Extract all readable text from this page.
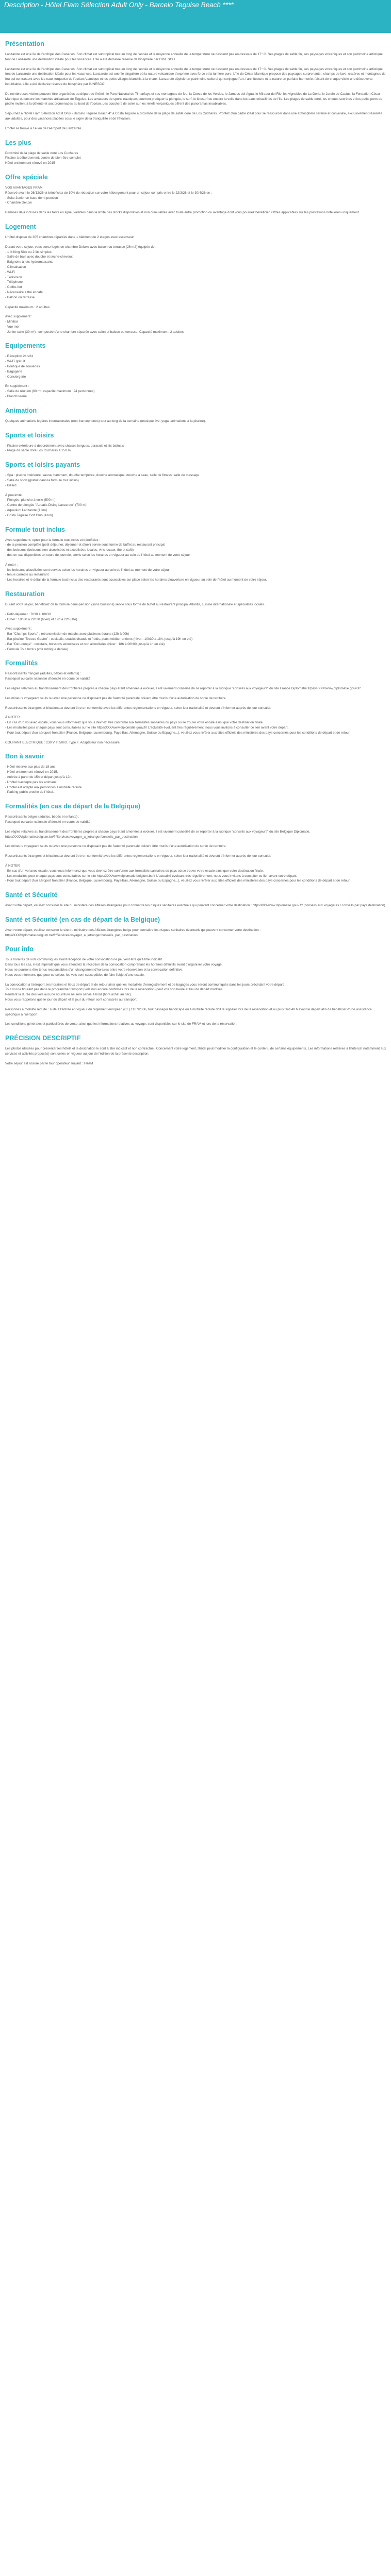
Description - Hôtel Fiam Sélection Adult Only - Barcelo Teguise Beach ****
Présentation

Lanzarote est une île de l'archipel des Canaries. Son climat est subtropical tout au long de l'année et la moyenne annuelle de la température ne descend pas en-dessous de 17° C. Ses plages de sable fin, ses paysages volcaniques et son patrimoine artistique font de Lanzarote une destination idéale pour les vacances. L'île a été déclarée réserve de biosphère par l'UNESCO.

Lanzarote est une île de l'archipel des Canaries. Son climat est subtropical tout au long de l'année et la moyenne annuelle de la température ne descend pas en-dessous de 17° C. Ses plages de sable fin, ses paysages volcaniques et son patrimoine artistique font de Lanzarote une destination idéale pour les vacances. Lanzarote est une île singulière où la nature volcanique s'exprime avec force et la lumière pure. L'île de César Manrique propose des paysages surprenants : champs de lave, cratères et montagnes de feu qui contrastent avec les eaux turquoise de l'océan Atlantique et les petits villages blanchis à la chaux. Lanzarote déploie un patrimoine culturel qui conjugue l'art, l'architecture et la nature en parfaite harmonie, faisant de chaque visite une découverte inoubliable. L'île a été déclarée réserve de biosphère par l'UNESCO.

De nombreuses visites peuvent être organisées au départ de l'hôtel : le Parc National de Timanfaya et ses montagnes de feu, la Cueva de los Verdes, le Jameos del Agua, le Mirador del Rio, les vignobles de La Geria, le Jardin de Cactus, la Fondation César Manrique ou encore les marchés artisanaux de Teguise. Les amateurs de sports nautiques pourront pratiquer la plongée, le surf, le kitesurf ou encore la voile dans les eaux cristallines de l'île. Les plages de sable doré, les criques secrètes et les petits ports de pêche invitent à la détente et aux promenades au bord de l'océan. Les couchers de soleil sur les reliefs volcaniques offrent des panoramas inoubliables.

Séjournez à l'hôtel Fiam Sélection Adult Only - Barcelo Teguise Beach 4* à Costa Teguise à proximité de la plage de sable doré de Los Cucharas. Profitez d'un cadre idéal pour se ressourcer dans une atmosphère sereine et conviviale, exclusivement réservée aux adultes, pour des vacances placées sous le signe de la tranquillité et de l'évasion.

L'hôtel se trouve à 14 km de l'aéroport de Lanzarote.

Les plus

Proximité de la plage de sable doré Los Cucharas
Piscine à débordement, centre de bien-être complet
Hôtel entièrement rénové en 2015

Offre spéciale

VOS AVANTAGES FRAM
Réservé avant le 26/12/26 et bénéficiez de 10% de réduction sur votre hébergement pour un séjour compris entre le 22/3/26 et le 30/4/26 en :
- Suite Junior en base demi-pension
- Chambre Deluxe

Remises déjà incluses dans les tarifs en ligne, valables dans la limite des stocks disponibles et non cumulables avec toute autre promotion ou avantage dont vous pourriez bénéficier. Offres applicables sur les prestations hôtelières uniquement.

Logement

L'hôtel dispose de 305 chambres réparties dans 1 bâtiment de 2 étages avec ascenseur.

Durant votre séjour, vous serez logés en chambre Deluxe avec balcon ou terrasse (26 m2) équipée de :
- 1 lit King Size ou 2 lits simples
- Salle de bain avec douche et sèche-cheveux
- Baignoire à jets hydromassants
- Climatisation
- Wi-Fi
- Télévision
- Téléphone
- Coffre-fort
- Nécessaire à thé et café
- Balcon ou terrasse

Capacité maximum : 2 adultes.

Avec supplément :
- Minibar
- Vue mer
- Junior suite (39 m²) : composée d'une chambre séparée avec salon et balcon ou terrasse. Capacité maximum : 2 adultes.

Equipements

- Réception 24h/24
- Wi-Fi gratuit
- Boutique de souvenirs
- Bagagerie
- Conciergerie

En supplément :
- Salle de réunion (60 m², capacité maximum : 24 personnes)
- Blanchisserie

Animation

Quelques animations légères internationales (non francophones) tout au long de la semaine (musique live, yoga, animations à la piscine).

Sports et loisirs

- Piscine extérieure à débordement avec chaises longues, parasols et lits balinais
- Plage de sable doré Los Cucharas à 150 m

Sports et loisirs payants

- Spa : piscine intérieure, sauna, hammam, douche tempérée, douche aromatique, douche à seau, salle de fitness, salle de massage
- Salle de sport (gratuit dans la formule tout inclus)
- Billard

À proximité :
- Plongée, planche à voile (500 m)
- Centre de plongée "Aquatis Diving Lanzarote" (700 m)
- Aquarium Lanzarote (1 km)
- Costa Teguise Golf Club (4 km)

Formule tout inclus

Avec supplément, optez pour la formule tout inclus et bénéficiez :
- de la pension complète (petit-déjeuner, déjeuner et dîner) servie sous forme de buffet au restaurant principal
- des boissons (boissons non alcoolisées et alcoolisées locales, vins locaux, thé et café)
- des en-cas disponibles en cours de journée, servis selon les horaires en vigueur au sein de l'hôtel au moment de votre séjour

À noter :
- les boissons alcoolisées sont servies selon les horaires en vigueur au sein de l'hôtel au moment de votre séjour
- tenue correcte au restaurant
- Les horaires et le détail de la formule tout inclus des restaurants sont accessibles sur place selon les horaires d'ouverture en vigueur au sein de l'hôtel au moment de votre séjour.

Restauration

Durant votre séjour, bénéficiez de la formule demi-pension (sans boissons) servie sous forme de buffet au restaurant principal Atlantis, cuisine internationale et spécialités locales.

- Petit-déjeuner : 7h30 à 10h30
- Dîner : 18h30 à 22h30 (hiver) et 19h à 22h (été)

Avec supplément :
- Bar "Champs Sports" : retransmission de matchs avec plusieurs écrans (12h à 00h)
- Bar-piscine "Breeze Gastro" : cocktails, snacks chauds et froids, plats méditerranéens (hiver : 10h30 à 18h, jusqu'à 19h en été)
- Bar "De Lounge" : cocktails, boissons alcoolisées et non alcoolisées (hiver : 18h à 00h00, jusqu'à 1h en été)
- Formule Tout Inclus (voir rubrique dédiée)

Formalités

Ressortissants français (adultes, bébés et enfants) :
Passeport ou carte nationale d'identité en cours de validité.

Les règles relatives au franchissement des frontières propres à chaque pays étant amenées à évoluer, il est vivement conseillé de se reporter à la rubrique "conseils aux voyageurs" du site France Diplomatie.fr/pays/XXX/www.diplomatie.gouv.fr/

Les mineurs voyageant seuls ou avec une personne ne disposant pas de l'autorité parentale doivent être munis d'une autorisation de sortie de territoire.

Ressortissants étrangers et binationaux devront être en conformité avec les différentes réglementations en vigueur, selon leur nationalité et devront s'informer auprès de leur consulat.

À NOTER
- En cas d'un vol avec escale, vous vous informerez que vous devriez être conforme aux formalités sanitaires du pays où se trouve votre escale ainsi que votre destination finale.
- Les modalités pour chaque pays sont consultables sur le site https/XXX/www.diplomatie.gouv.fr/ L'actualité évoluant très régulièrement, nous vous invitons à consulter ce lien avant votre départ.
- Pour tout départ d'un aéroport frontalier (France, Belgique, Luxembourg, Pays-Bas, Allemagne, Suisse ou Espagne...), veuillez vous référer aux sites officiels des ministères des pays concernés pour les conditions de départ et de retour.

COURANT ELECTRIQUE : 230 V et 50Hz. Type F. Adaptateur non nécessaire.

Bon à savoir

- Hôtel réservé aux plus de 18 ans.
- Hôtel entièrement rénové en 2015.
- Arrivée à partir de 15h et départ jusqu'à 12h.
- L'hôtel n'accepte pas les animaux.
- L'hôtel est adapté aux personnes à mobilité réduite.
- Parking public proche de l'hôtel.

Formalités (en cas de départ de la Belgique)

Ressortissants belges (adultes, bébés et enfants) :
Passeport ou carte nationale d'identité en cours de validité.

Les règles relatives au franchissement des frontières propres à chaque pays étant amenées à évoluer, il est vivement conseillé de se reporter à la rubrique "conseils aux voyageurs" du site Belgique Diplomatie, https/XXX/diplomatie.belgium.be/fr/Services/voyager_a_letranger/conseils_par_destination

Les mineurs voyageant seuls ou avec une personne ne disposant pas de l'autorité parentale doivent être munis d'une autorisation de sortie de territoire.

Ressortissants étrangers et binationaux devront être en conformité avec les différentes réglementations en vigueur, selon leur nationalité et devront s'informer auprès de leur consulat.

À NOTER
- En cas d'un vol avec escale, vous vous informerez que vous devriez être conforme aux formalités sanitaires du pays où se trouve votre escale ainsi que votre destination finale.
- Les modalités pour chaque pays sont consultables sur le site https/XXX/www.diplomatie.belgium.be/fr L'actualité évoluant très régulièrement, nous vous invitons à consulter ce lien avant votre départ.
- Pour tout départ d'un aéroport frontalier (France, Belgique, Luxembourg, Pays-Bas, Allemagne, Suisse ou Espagne...), veuillez vous référer aux sites officiels des ministères des pays concernés pour les conditions de départ et de retour.

Santé et Sécurité

Avant votre départ, veuillez consulter le site du ministère des Affaires étrangères pour connaître les risques sanitaires éventuels qui peuvent concerner votre destination : https/XXX/www.diplomatie.gouv.fr/ (conseils aux voyageurs / conseils par pays destination)

Santé et Sécurité (en cas de départ de la Belgique)

Avant votre départ, veuillez consulter le site du ministère des Affaires étrangères belge pour connaître les risques sanitaires éventuels qui peuvent concerner votre destination : https/XXX/diplomatie.belgium.be/fr/Services/voyager_a_letranger/conseils_par_destination

Pour info

Tous horaires de vols communiqués avant réception de votre convocation ne peuvent être qu'à titre indicatif.
Dans tous les cas, il est impératif que vous attendiez la réception de la convocation comprenant les horaires définitifs avant d'organiser votre voyage.
Nous ne pourrons être tenus responsables d'un changement d'horaires entre votre réservation et la convocation définitive.
Nous vous informons que pour ce séjour, les vols sont susceptibles de faire l'objet d'une escale.

La convocation à l'aéroport, les horaires et lieux de départ et de retour ainsi que les modalités d'enregistrement et de bagages vous seront communiqués dans les jours précédant votre départ.
Tout vol ne figurant pas dans le programme transport (vols non encore confirmés lors de la réservation) peut voir son heure et lieu de départ modifiés.
Pendant la durée des vols aucune nourriture ne sera servie à bord (hors achat au bar).
Nous vous rappelons que le jour du départ et le jour du retour sont consacrés au transport.

Personnes à mobilité réduite : suite à l'entrée en vigueur du règlement européen (CE) 1107/2006, tout passager handicapé ou à mobilité réduite doit le signaler lors de la réservation et au plus tard 48 h avant le départ afin de bénéficier d'une assistance spécifique à l'aéroport.

Les conditions générales et particulières de vente, ainsi que les informations relatives au voyage, sont disponibles sur le site de FRAM et lors de la réservation.

PRÉCISION DESCRIPTIF

Les photos utilisées pour présenter les hôtels et la destination le sont à titre indicatif et non contractuel. Concernant votre logement, l'hôtel peut modifier la configuration et le contenu de certains équipements. Les informations relatives à l'hôtel (et notamment aux services et activités proposés) sont celles en vigueur au jour de l'édition de la présente description.

Votre séjour est assuré par le tour opérateur suivant : FRAM
